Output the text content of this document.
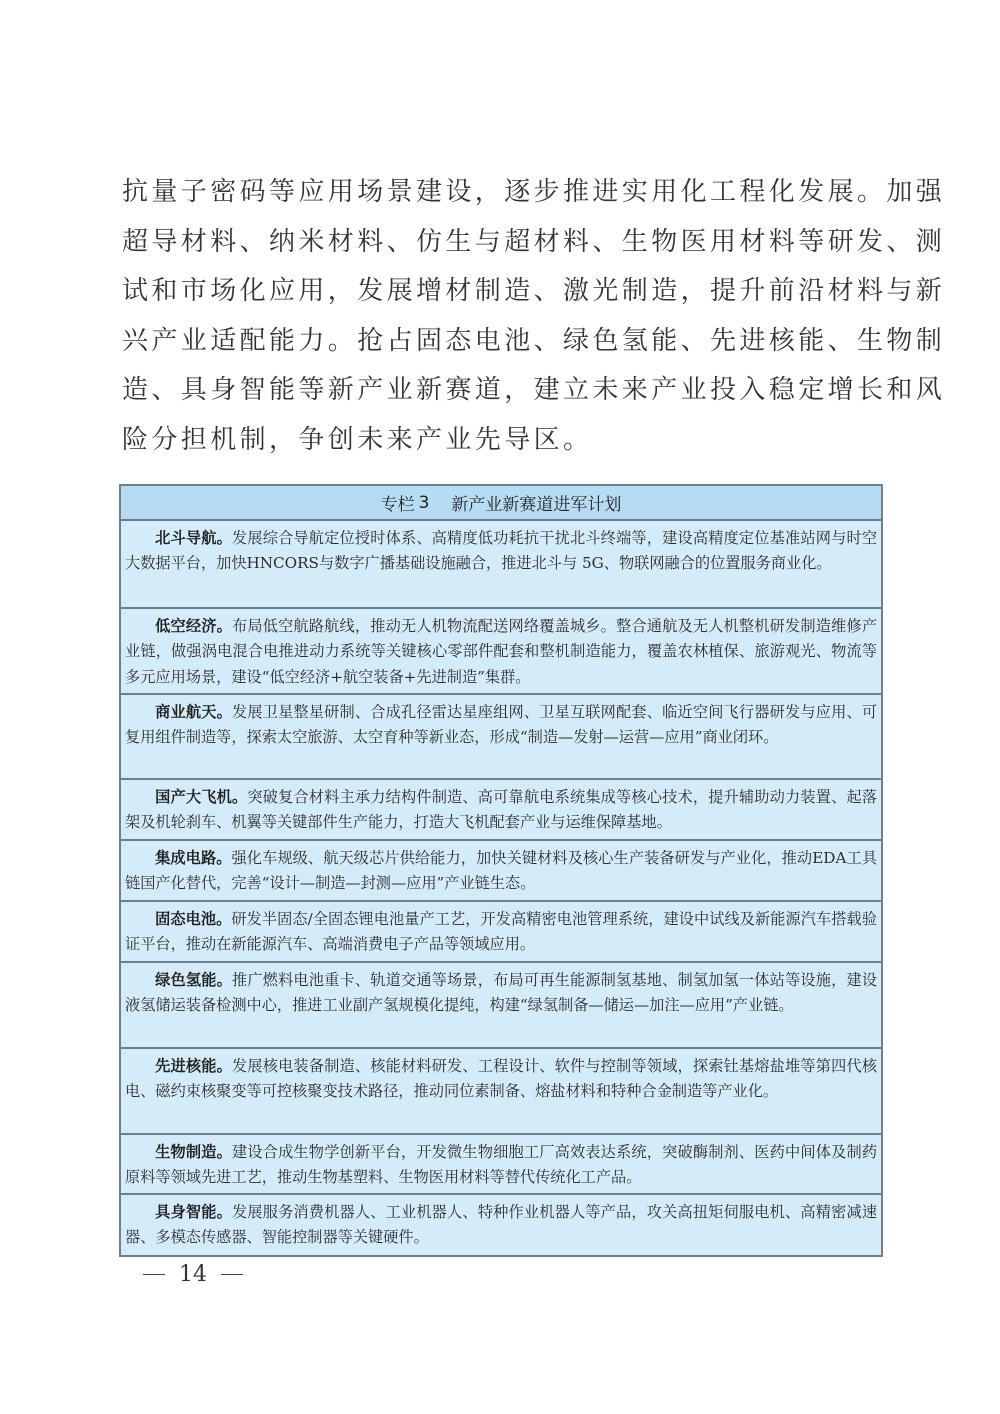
抗量子密码等应用场景建设，逐步推进实用化工程化发展。加强
超导材料、纳米材料、仿生与超材料、生物医用材料等研发、测
试和市场化应用，发展增材制造、激光制造，提升前沿材料与新
兴产业适配能力。抢占固态电池、绿色氢能、先进核能、生物制
造、具身智能等新产业新赛道，建立未来产业投入稳定增长和风
险分担机制，争创未来产业先导区。
专栏 3 新产业新赛道进军计划
北斗导航。发展综合导航定位授时体系、高精度低功耗抗干扰北斗终端等，建设高精度定位基准站网与时空大数据平台，加快HNCORS与数字广播基础设施融合，推进北斗与 5G、物联网融合的位置服务商业化。
低空经济。布局低空航路航线，推动无人机物流配送网络覆盖城乡。整合通航及无人机整机研发制造维修产业链，做强涡电混合电推进动力系统等关键核心零部件配套和整机制造能力，覆盖农林植保、旅游观光、物流等多元应用场景，建设“低空经济+航空装备+先进制造”集群。
商业航天。发展卫星整星研制、合成孔径雷达星座组网、卫星互联网配套、临近空间飞行器研发与应用、可复用组件制造等，探索太空旅游、太空育种等新业态，形成“制造—发射—运营—应用”商业闭环。
国产大飞机。突破复合材料主承力结构件制造、高可靠航电系统集成等核心技术，提升辅助动力装置、起落架及机轮刹车、机翼等关键部件生产能力，打造大飞机配套产业与运维保障基地。
集成电路。强化车规级、航天级芯片供给能力，加快关键材料及核心生产装备研发与产业化，推动EDA工具链国产化替代，完善“设计—制造—封测—应用”产业链生态。
固态电池。研发半固态/全固态锂电池量产工艺，开发高精密电池管理系统，建设中试线及新能源汽车搭载验证平台，推动在新能源汽车、高端消费电子产品等领域应用。
绿色氢能。推广燃料电池重卡、轨道交通等场景，布局可再生能源制氢基地、制氢加氢一体站等设施，建设液氢储运装备检测中心，推进工业副产氢规模化提纯，构建“绿氢制备—储运—加注—应用”产业链。
先进核能。发展核电装备制造、核能材料研发、工程设计、软件与控制等领域，探索钍基熔盐堆等第四代核电、磁约束核聚变等可控核聚变技术路径，推动同位素制备、熔盐材料和特种合金制造等产业化。
生物制造。建设合成生物学创新平台，开发微生物细胞工厂高效表达系统，突破酶制剂、医药中间体及制药原料等领域先进工艺，推动生物基塑料、生物医用材料等替代传统化工产品。
具身智能。发展服务消费机器人、工业机器人、特种作业机器人等产品，攻关高扭矩伺服电机、高精密减速器、多模态传感器、智能控制器等关键硬件。
14
